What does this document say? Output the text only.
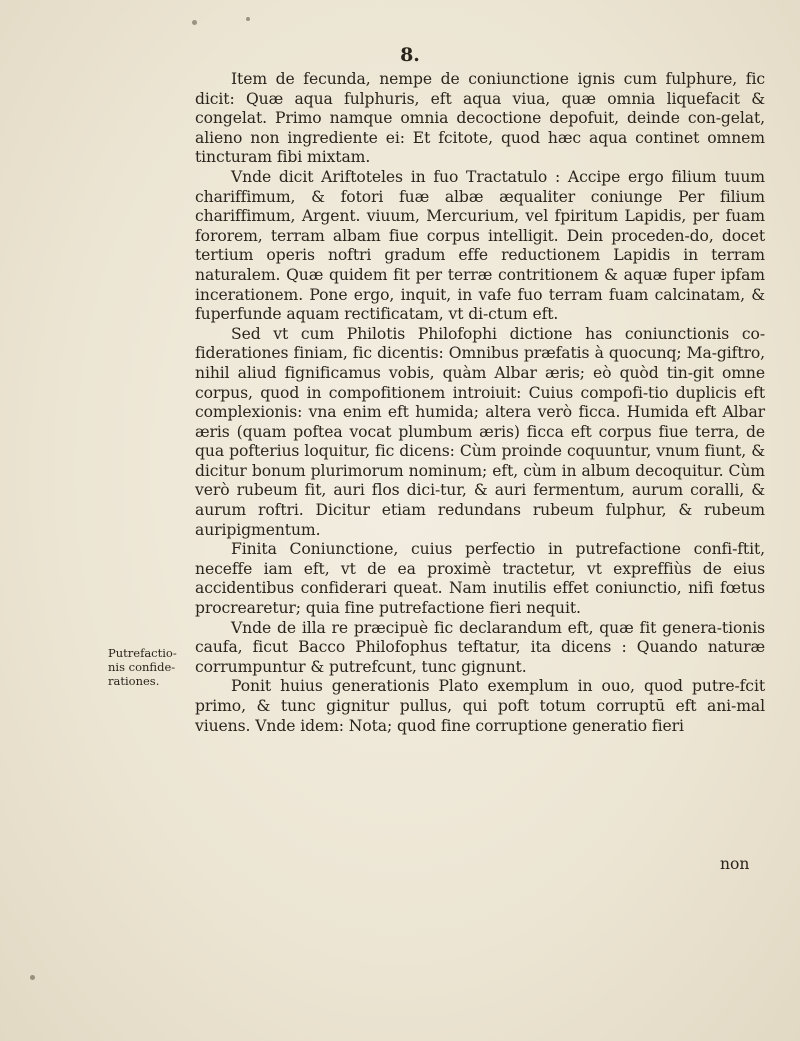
8.

Item de fecunda, nempe de coniunctione ignis cum fulphure, fic dicit: Quæ aqua fulphuris, eft aqua viua, quæ omnia liquefacit & congelat. Primo namque omnia decoctione depofuit, deinde con-gelat, alieno non ingrediente ei: Et fcitote, quod hæc aqua continet omnem tincturam fibi mixtam.

Vnde dicit Ariftoteles in fuo Tractatulo : Accipe ergo filium tuum chariffimum, & fotori fuæ albæ æqualiter coniunge Per filium chariffimum, Argent. viuum, Mercurium, vel fpiritum Lapidis, per fuam fororem, terram albam fiue corpus intelligit. Dein proceden-do, docet tertium operis noftri gradum effe reductionem Lapidis in terram naturalem. Quæ quidem fit per terræ contritionem & aquæ fuper ipfam incerationem. Pone ergo, inquit, in vafe fuo terram fuam calcinatam, & fuperfunde aquam rectificatam, vt di-ctum eft.

Sed vt cum Philotis Philofophi dictione has coniunctionis co-fiderationes finiam, fic dicentis: Omnibus præfatis à quocunq; Ma-giftro, nihil aliud fignificamus vobis, quàm Albar æris; eò quòd tin-git omne corpus, quod in compofitionem introiuit: Cuius compofi-tio duplicis eft complexionis: vna enim eft humida; altera verò ficca. Humida eft Albar æris (quam poftea vocat plumbum æris) ficca eft corpus fiue terra, de qua pofterius loquitur, fic dicens: Cùm proinde coquuntur, vnum fiunt, & dicitur bonum plurimorum nominum; eft, cùm in album decoquitur. Cùm verò rubeum fit, auri flos dici-tur, & auri fermentum, aurum coralli, & aurum roftri. Dicitur etiam redundans rubeum fulphur, & rubeum auripigmentum.

Finita Coniunctione, cuius perfectio in putrefactione confi-ftit, neceffe iam eft, vt de ea proximè tractetur, vt expreffiùs de eius accidentibus confiderari queat. Nam inutilis effet coniunctio, nifi fœtus procrearetur; quia fine putrefactione fieri nequit.

Vnde de illa re præcipuè fic declarandum eft, quæ fit genera-tionis caufa, ficut Bacco Philofophus teftatur, ita dicens : Quando naturæ corrumpuntur & putrefcunt, tunc gignunt.

Ponit huius generationis Plato exemplum in ouo, quod putre-fcit primo, & tunc gignitur pullus, qui poft totum corruptū eft ani-mal viuens. Vnde idem: Nota; quod fine corruptione generatio fieri

Putrefactio-
nis confide-
rationes.
non
